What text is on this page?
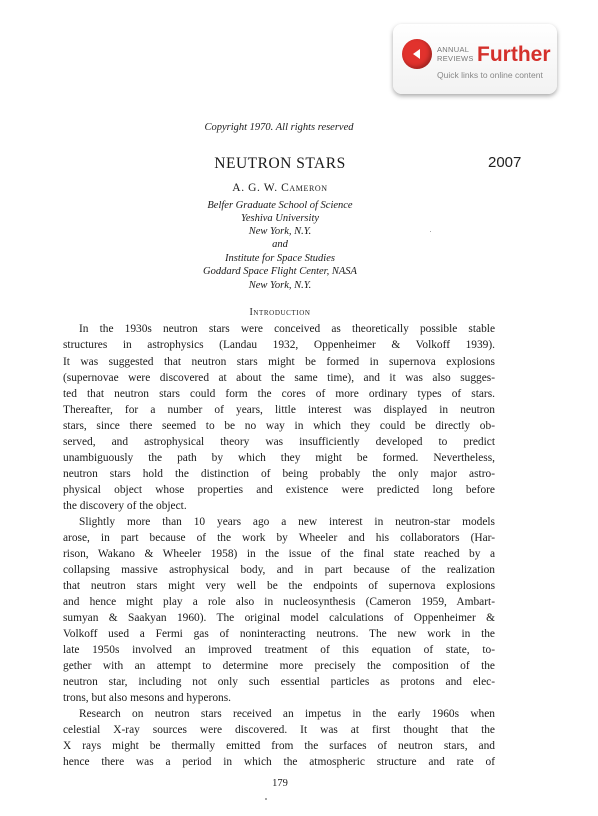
ANNUAL
REVIEWS Further
Quick links to online content
Copyright 1970. All rights reserved
NEUTRON STARS	2007
A. G. W. Cameron
Belfer Graduate School of Science
Yeshiva University
New York, N.Y.
and
Institute for Space Studies
Goddard Space Flight Center, NASA
New York, N.Y.
Introduction
In the 1930s neutron stars were conceived as theoretically possible stable
structures in astrophysics (Landau 1932, Oppenheimer & Volkoff 1939).
It was suggested that neutron stars might be formed in supernova explosions
(supernovae were discovered at about the same time), and it was also sugges-
ted that neutron stars could form the cores of more ordinary types of stars.
Thereafter, for a number of years, little interest was displayed in neutron
stars, since there seemed to be no way in which they could be directly ob-
served, and astrophysical theory was insufficiently developed to predict
unambiguously the path by which they might be formed. Nevertheless,
neutron stars hold the distinction of being probably the only major astro-
physical object whose properties and existence were predicted long before
the discovery of the object.
Slightly more than 10 years ago a new interest in neutron-star models
arose, in part because of the work by Wheeler and his collaborators (Har-
rison, Wakano & Wheeler 1958) in the issue of the final state reached by a
collapsing massive astrophysical body, and in part because of the realization
that neutron stars might very well be the endpoints of supernova explosions
and hence might play a role also in nucleosynthesis (Cameron 1959, Ambart-
sumyan & Saakyan 1960). The original model calculations of Oppenheimer &
Volkoff used a Fermi gas of noninteracting neutrons. The new work in the
late 1950s involved an improved treatment of this equation of state, to-
gether with an attempt to determine more precisely the composition of the
neutron star, including not only such essential particles as protons and elec-
trons, but also mesons and hyperons.
Research on neutron stars received an impetus in the early 1960s when
celestial X-ray sources were discovered. It was at first thought that the
X rays might be thermally emitted from the surfaces of neutron stars, and
hence there was a period in which the atmospheric structure and rate of
179
